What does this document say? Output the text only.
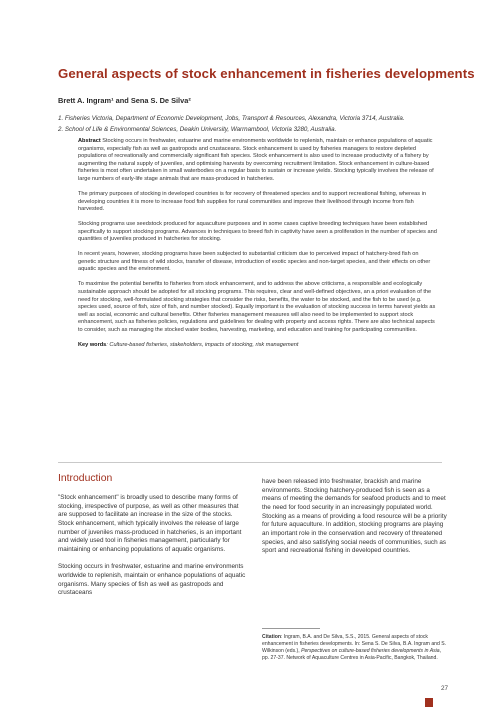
General aspects of stock enhancement in fisheries developments

Brett A. Ingram¹ and Sena S. De Silva²

1. Fisheries Victoria, Department of Economic Development, Jobs, Transport & Resources, Alexandra, Victoria 3714, Australia.
2. School of Life & Environmental Sciences, Deakin University, Warrnambool, Victoria 3280, Australia.

Abstract Stocking occurs in freshwater, estuarine and marine environments worldwide to replenish, maintain or enhance populations of aquatic organisms, especially fish as well as gastropods and crustaceans. Stock enhancement is used by fisheries managers to restore depleted populations of recreationally and commercially significant fish species. Stock enhancement is also used to increase productivity of a fishery by augmenting the natural supply of juveniles, and optimising harvests by overcoming recruitment limitation. Stock enhancement in culture-based fisheries is most often undertaken in small waterbodies on a regular basis to sustain or increase yields. Stocking typically involves the release of large numbers of early-life stage animals that are mass-produced in hatcheries.

The primary purposes of stocking in developed countries is for recovery of threatened species and to support recreational fishing, whereas in developing countries it is more to increase food fish supplies for rural communities and improve their livelihood through income from fish harvested.

Stocking programs use seedstock produced for aquaculture purposes and in some cases captive breeding techniques have been established specifically to support stocking programs. Advances in techniques to breed fish in captivity have seen a proliferation in the number of species and quantities of juveniles produced in hatcheries for stocking.

In recent years, however, stocking programs have been subjected to substantial criticism due to perceived impact of hatchery-bred fish on genetic structure and fitness of wild stocks, transfer of disease, introduction of exotic species and non-target species, and their effects on other aquatic species and the environment.

To maximise the potential benefits to fisheries from stock enhancement, and to address the above criticisms, a responsible and ecologically sustainable approach should be adopted for all stocking programs. This requires, clear and well-defined objectives, an a priori evaluation of the need for stocking, well-formulated stocking strategies that consider the risks, benefits, the water to be stocked, and the fish to be used (e.g. species used, source of fish, size of fish, and number stocked). Equally important is the evaluation of stocking success in terms harvest yields as well as social, economic and cultural benefits. Other fisheries management measures will also need to be implemented to support stock enhancement, such as fisheries policies, regulations and guidelines for dealing with property and access rights. There are also technical aspects to consider, such as managing the stocked water bodies, harvesting, marketing, and education and training for participating communities.

Key words: Culture-based fisheries, stakeholders, impacts of stocking, risk management

Introduction

"Stock enhancement" is broadly used to describe many forms of stocking, irrespective of purpose, as well as other measures that are supposed to facilitate an increase in the size of the stocks. Stock enhancement, which typically involves the release of large number of juveniles mass-produced in hatcheries, is an important and widely used tool in fisheries management, particularly for maintaining or enhancing populations of aquatic organisms.

Stocking occurs in freshwater, estuarine and marine environments worldwide to replenish, maintain or enhance populations of aquatic organisms. Many species of fish as well as gastropods and crustaceans

have been released into freshwater, brackish and marine environments. Stocking hatchery-produced fish is seen as a means of meeting the demands for seafood products and to meet the need for food security in an increasingly populated world. Stocking as a means of providing a food resource will be a priority for future aquaculture. In addition, stocking programs are playing an important role in the conservation and recovery of threatened species, and also satisfying social needs of communities, such as sport and recreational fishing in developed countries.

Citation: Ingram, B.A. and De Silva, S.S., 2015. General aspects of stock enhancement in fisheries developments. In: Sena S. De Silva, B.A. Ingram and S. Wilkinson (eds.), Perspectives on culture-based fisheries developments in Asia, pp. 27-37. Network of Aquaculture Centres in Asia-Pacific, Bangkok, Thailand.
27
